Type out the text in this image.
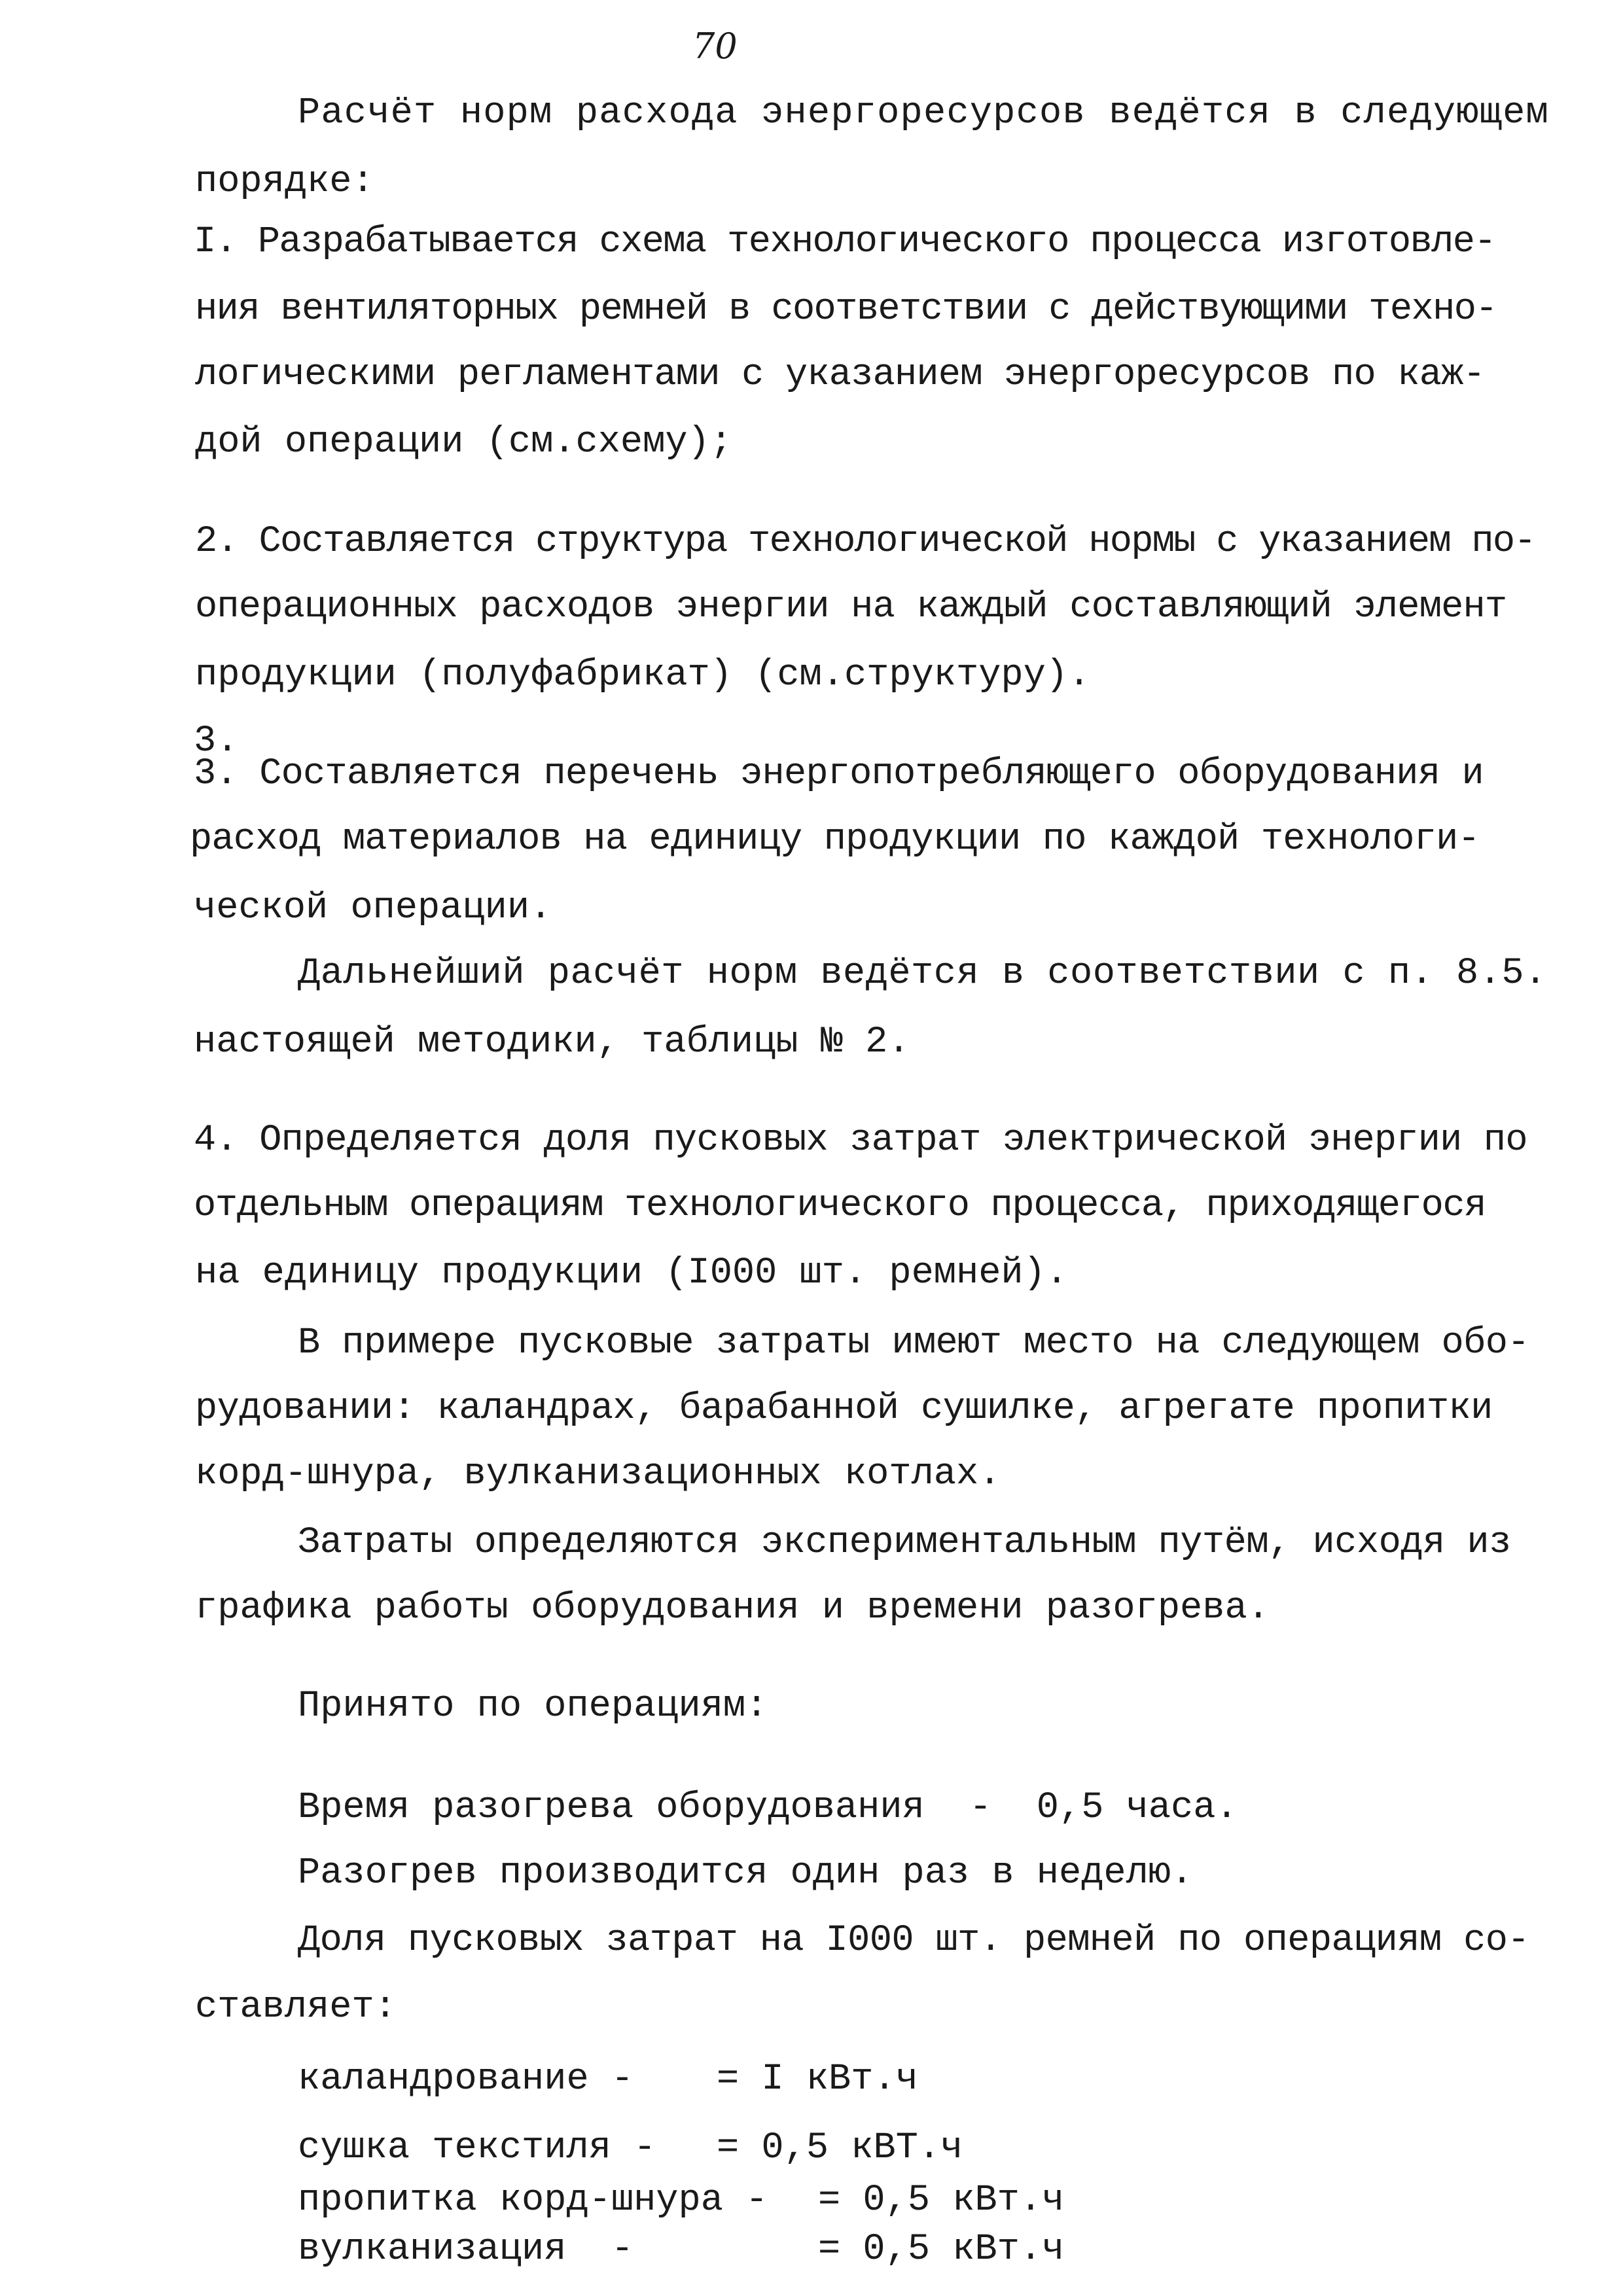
70
Расчёт норм расхода энергоресурсов ведётся в следующем
порядке:
I. Разрабатывается схема технологического процесса изготовле-
ния вентиляторных ремней в соответствии с действующими техно-
логическими регламентами с указанием энергоресурсов по каж-
дой операции (см.схему);
2. Составляется структура технологической нормы с указанием по-
операционных расходов энергии на каждый составляющий элемент
продукции (полуфабрикат) (см.структуру).
3.
3. Составляется перечень энергопотребляющего оборудования и
расход материалов на единицу продукции по каждой технологи-
ческой операции.
Дальнейший расчёт норм ведётся в соответствии с п. 8.5.
настоящей методики, таблицы № 2.
4. Определяется доля пусковых затрат электрической энергии по
отдельным операциям технологического процесса, приходящегося
на единицу продукции (I000 шт. ремней).
В примере пусковые затраты имеют место на следующем обо-
рудовании: каландрах, барабанной сушилке, агрегате пропитки
корд-шнура, вулканизационных котлах.
Затраты определяются экспериментальным путём, исходя из
графика работы оборудования и времени разогрева.
Принято по операциям:
Время разогрева оборудования  -  0,5 часа.
Разогрев производится один раз в неделю.
Доля пусковых затрат на I000 шт. ремней по операциям со-
ставляет:
каландрование - = I кВт.ч
сушка текстиля - = 0,5 кВТ.ч
пропитка корд-шнура - = 0,5 кВт.ч
вулканизация  -	= 0,5 кВт.ч
